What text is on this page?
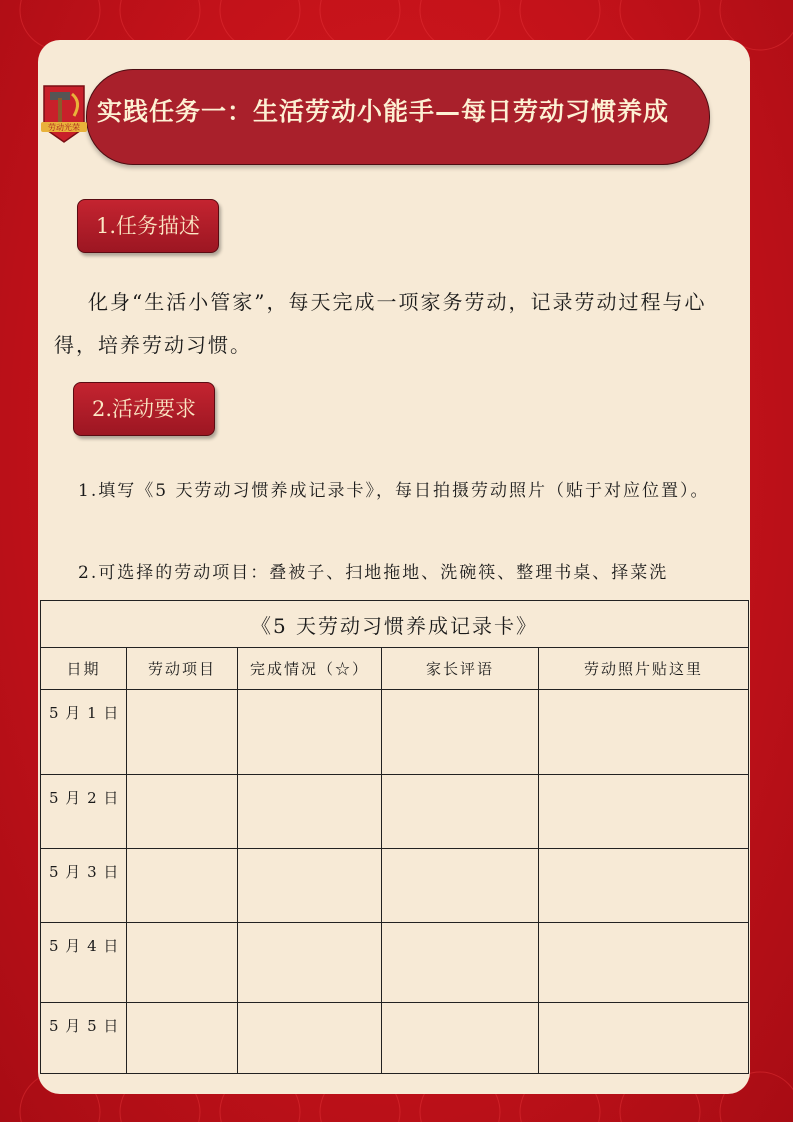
实践任务一：生活劳动小能手—每日劳动习惯养成
劳动光荣
1.任务描述

化身“生活小管家”，每天完成一项家务劳动，记录劳动过程与心得，培养劳动习惯。

2.活动要求

1.填写《5 天劳动习惯养成记录卡》，每日拍摄劳动照片（贴于对应位置）。

2.可选择的劳动项目：叠被子、扫地拖地、洗碗筷、整理书桌、择菜洗

《5 天劳动习惯养成记录卡》				
日期	劳动项目	完成情况（☆）	家长评语	劳动照片贴这里
5 月 1 日				
5 月 2 日				
5 月 3 日				
5 月 4 日				
5 月 5 日				
